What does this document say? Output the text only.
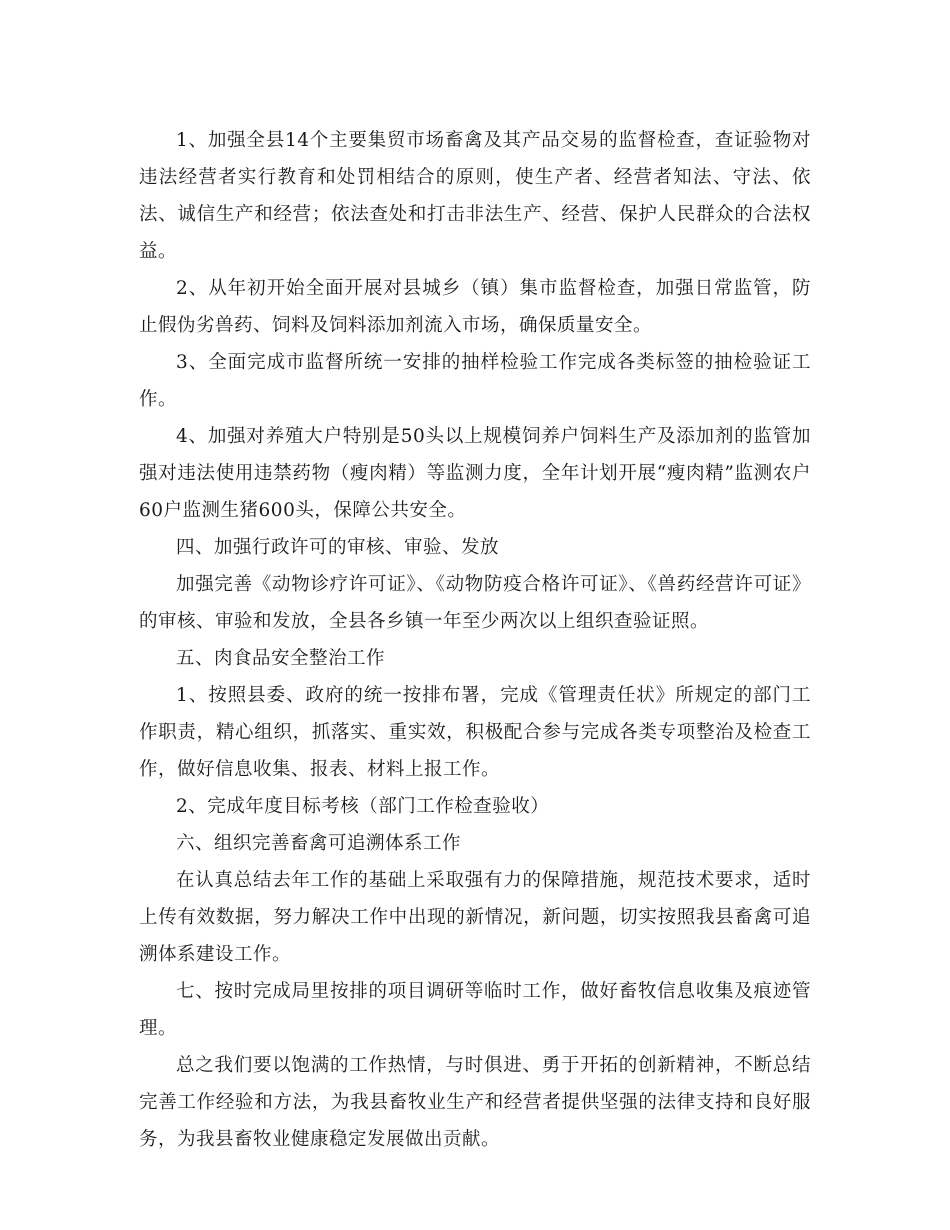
1、加强全县14个主要集贸市场畜禽及其产品交易的监督检查，查证验物对违法经营者实行教育和处罚相结合的原则，使生产者、经营者知法、守法、依法、诚信生产和经营；依法查处和打击非法生产、经营、保护人民群众的合法权益。

2、从年初开始全面开展对县城乡（镇）集市监督检查，加强日常监管，防止假伪劣兽药、饲料及饲料添加剂流入市场，确保质量安全。

3、全面完成市监督所统一安排的抽样检验工作完成各类标签的抽检验证工作。

4、加强对养殖大户特别是50头以上规模饲养户饲料生产及添加剂的监管加强对违法使用违禁药物（瘦肉精）等监测力度，全年计划开展“瘦肉精”监测农户60户监测生猪600头，保障公共安全。

四、加强行政许可的审核、审验、发放

加强完善《动物诊疗许可证》、《动物防疫合格许可证》、《兽药经营许可证》的审核、审验和发放，全县各乡镇一年至少两次以上组织查验证照。

五、肉食品安全整治工作

1、按照县委、政府的统一按排布署，完成《管理责任状》所规定的部门工作职责，精心组织，抓落实、重实效，积极配合参与完成各类专项整治及检查工作，做好信息收集、报表、材料上报工作。

2、完成年度目标考核（部门工作检查验收）

六、组织完善畜禽可追溯体系工作

在认真总结去年工作的基础上采取强有力的保障措施，规范技术要求，适时上传有效数据，努力解决工作中出现的新情况，新问题，切实按照我县畜禽可追溯体系建设工作。

七、按时完成局里按排的项目调研等临时工作，做好畜牧信息收集及痕迹管理。

总之我们要以饱满的工作热情，与时俱进、勇于开拓的创新精神，不断总结完善工作经验和方法，为我县畜牧业生产和经营者提供坚强的法律支持和良好服务，为我县畜牧业健康稳定发展做出贡献。
